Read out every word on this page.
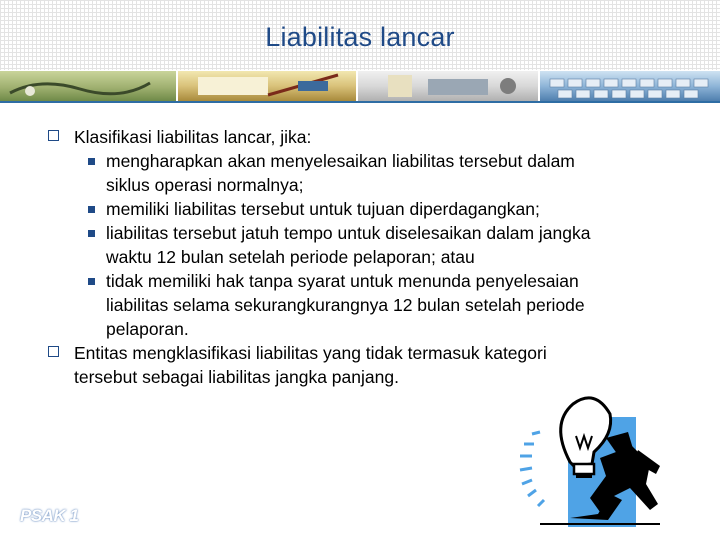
Liabilitas lancar
Klasifikasi liabilitas lancar, jika:
mengharapkan akan menyelesaikan liabilitas tersebut dalam
siklus operasi normalnya;
memiliki liabilitas tersebut untuk tujuan diperdagangkan;
liabilitas tersebut jatuh tempo untuk diselesaikan dalam jangka
waktu 12 bulan setelah periode pelaporan; atau
tidak memiliki hak tanpa syarat untuk menunda penyelesaian
liabilitas selama sekurangkurangnya 12 bulan setelah periode
pelaporan.
Entitas mengklasifikasi liabilitas yang tidak termasuk kategori
tersebut sebagai liabilitas jangka panjang.
PSAK 1
